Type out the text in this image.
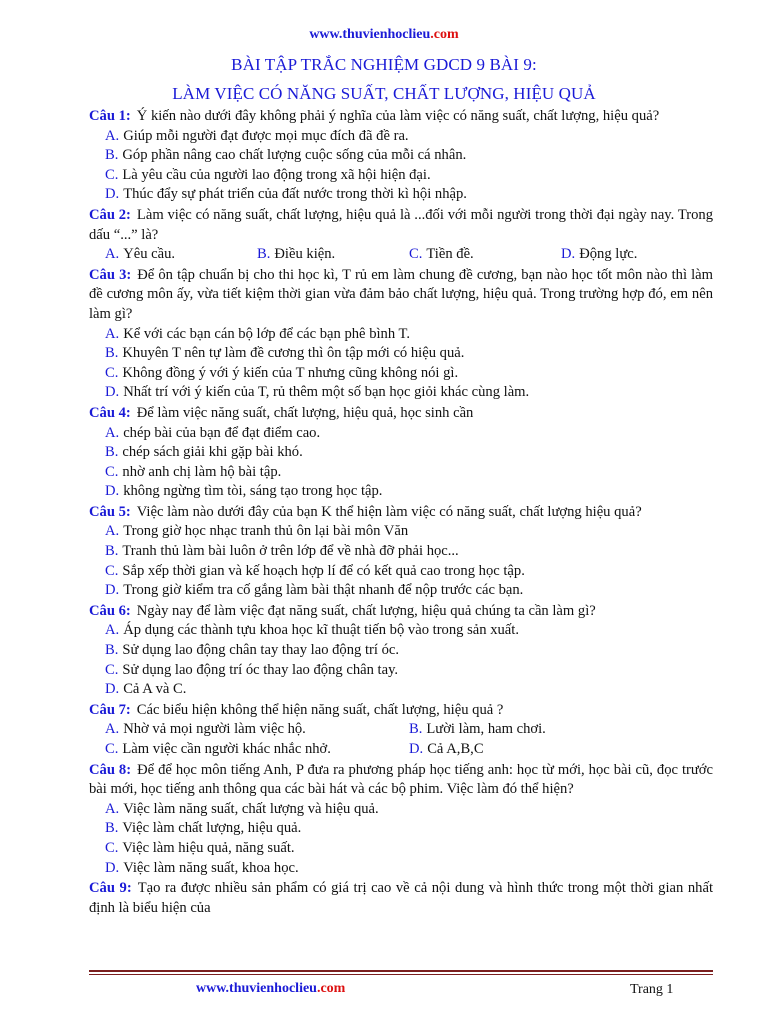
www.thuvienhoclieu.com
BÀI TẬP TRẮC NGHIỆM GDCD 9 BÀI 9:
LÀM VIỆC CÓ NĂNG SUẤT, CHẤT LƯỢNG, HIỆU QUẢ
Câu 1: Ý kiến nào dưới đây không phải ý nghĩa của làm việc có năng suất, chất lượng, hiệu quả?
A. Giúp mỗi người đạt được mọi mục đích đã đề ra.
B. Góp phần nâng cao chất lượng cuộc sống của mỗi cá nhân.
C. Là yêu cầu của người lao động trong xã hội hiện đại.
D. Thúc đẩy sự phát triển của đất nước trong thời kì hội nhập.
Câu 2: Làm việc có năng suất, chất lượng, hiệu quả là ...đối với mỗi người trong thời đại ngày nay. Trong dấu “...” là?
A. Yêu cầu.	B. Điều kiện.	C. Tiền đề.	D. Động lực.
Câu 3: Để ôn tập chuẩn bị cho thi học kì, T rủ em làm chung đề cương, bạn nào học tốt môn nào thì làm đề cương môn ấy, vừa tiết kiệm thời gian vừa đảm bảo chất lượng, hiệu quả. Trong trường hợp đó, em nên làm gì?
A. Kể với các bạn cán bộ lớp để các bạn phê bình T.
B. Khuyên T nên tự làm đề cương thì ôn tập mới có hiệu quả.
C. Không đồng ý với ý kiến của T nhưng cũng không nói gì.
D. Nhất trí với ý kiến của T, rủ thêm một số bạn học giỏi khác cùng làm.
Câu 4: Để làm việc năng suất, chất lượng, hiệu quả, học sinh cần
A. chép bài của bạn để đạt điểm cao.
B. chép sách giải khi gặp bài khó.
C. nhờ anh chị làm hộ bài tập.
D. không ngừng tìm tòi, sáng tạo trong học tập.
Câu 5: Việc làm nào dưới đây của bạn K thể hiện làm việc có năng suất, chất lượng hiệu quả?
A. Trong giờ học nhạc tranh thủ ôn lại bài môn Văn
B. Tranh thủ làm bài luôn ở trên lớp để về nhà đỡ phải học...
C. Sắp xếp thời gian và kế hoạch hợp lí để có kết quả cao trong học tập.
D. Trong giờ kiểm tra cố gắng làm bài thật nhanh để nộp trước các bạn.
Câu 6: Ngày nay để làm việc đạt năng suất, chất lượng, hiệu quả chúng ta cần làm gì?
A. Áp dụng các thành tựu khoa học kĩ thuật tiến bộ vào trong sản xuất.
B. Sử dụng lao động chân tay thay lao động trí óc.
C. Sử dụng lao động trí óc thay lao động chân tay.
D. Cả A và C.
Câu 7: Các biểu hiện không thể hiện năng suất, chất lượng, hiệu quả ?
A. Nhờ vả mọi người làm việc hộ.	B. Lười làm, ham chơi.
C. Làm việc cần người khác nhắc nhở.	D. Cả A,B,C
Câu 8: Để để học môn tiếng Anh, P đưa ra phương pháp học tiếng anh: học từ mới, học bài cũ, đọc trước bài mới, học tiếng anh thông qua các bài hát và các bộ phim. Việc làm đó thể hiện?
A. Việc làm năng suất, chất lượng và hiệu quả.
B. Việc làm chất lượng, hiệu quả.
C. Việc làm hiệu quả, năng suất.
D. Việc làm năng suất, khoa học.
Câu 9: Tạo ra được nhiều sản phẩm có giá trị cao về cả nội dung và hình thức trong một thời gian nhất định là biểu hiện của
www.thuvienhoclieu.com	Trang 1
